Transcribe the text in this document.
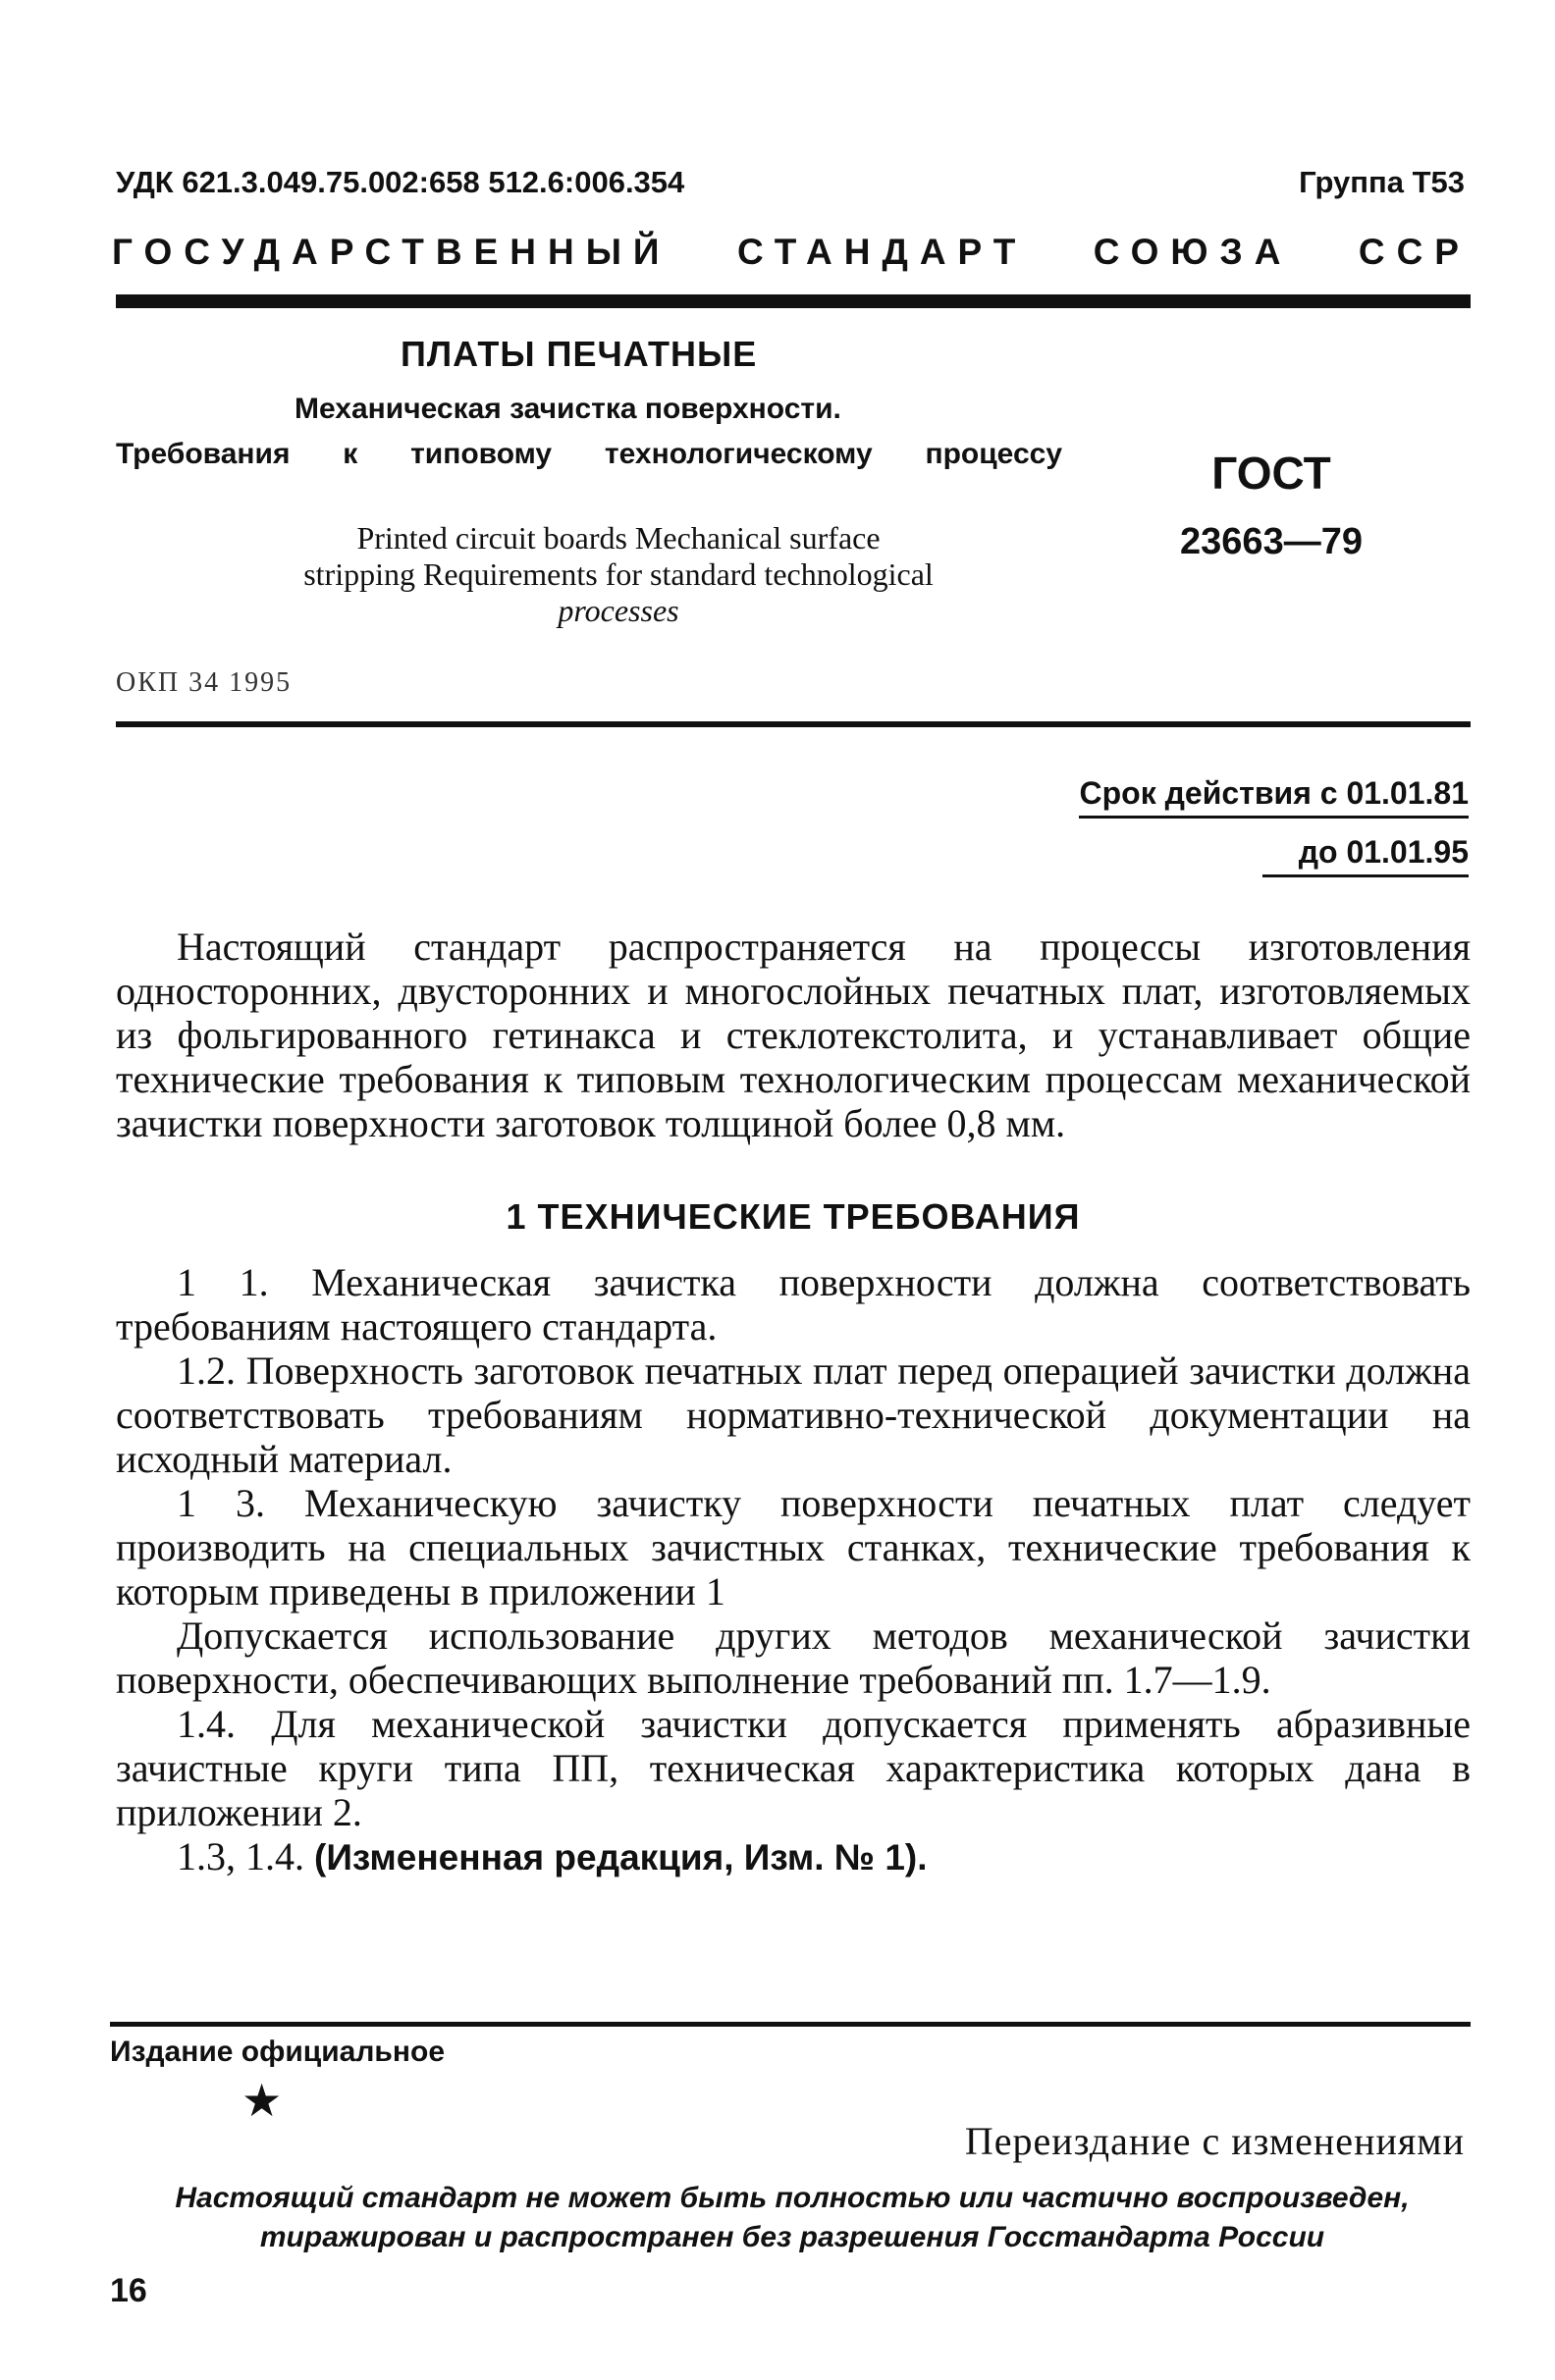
УДК 621.3.049.75.002:658 512.6:006.354	Группа Т53
ГОСУДАРСТВЕННЫЙ СТАНДАРТ СОЮЗА ССР
ПЛАТЫ ПЕЧАТНЫЕ
Механическая зачистка поверхности.
Требования к типовому технологическому процессу	ГОСТ
23663—79
Printed circuit boards Mechanical surface
stripping Requirements for standard technological
processes
ОКП 34 1995
Срок действия с 01.01.81
до 01.01.95

Настоящий стандарт распространяется на процессы изготовления односторонних, двусторонних и многослойных печатных плат, изготовляемых из фольгированного гетинакса и стеклотекстолита, и устанавливает общие технические требования к типовым технологическим процессам механической зачистки поверхности заготовок толщиной более 0,8 мм.

1 ТЕХНИЧЕСКИЕ ТРЕБОВАНИЯ

1 1. Механическая зачистка поверхности должна соответствовать требованиям настоящего стандарта.

1.2. Поверхность заготовок печатных плат перед операцией зачистки должна соответствовать требованиям нормативно-технической документации на исходный материал.

1 3. Механическую зачистку поверхности печатных плат следует производить на специальных зачистных станках, технические требования к которым приведены в приложении 1

Допускается использование других методов механической зачистки поверхности, обеспечивающих выполнение требований пп. 1.7—1.9.

1.4. Для механической зачистки допускается применять абразивные зачистные круги типа ПП, техническая характеристика которых дана в приложении 2.

1.3, 1.4. (Измененная редакция, Изм. № 1).

Издание официальное
★
Переиздание с изменениями
Настоящий стандарт не может быть полностью или частично воспроизведен,
тиражирован и распространен без разрешения Госстандарта России
16
